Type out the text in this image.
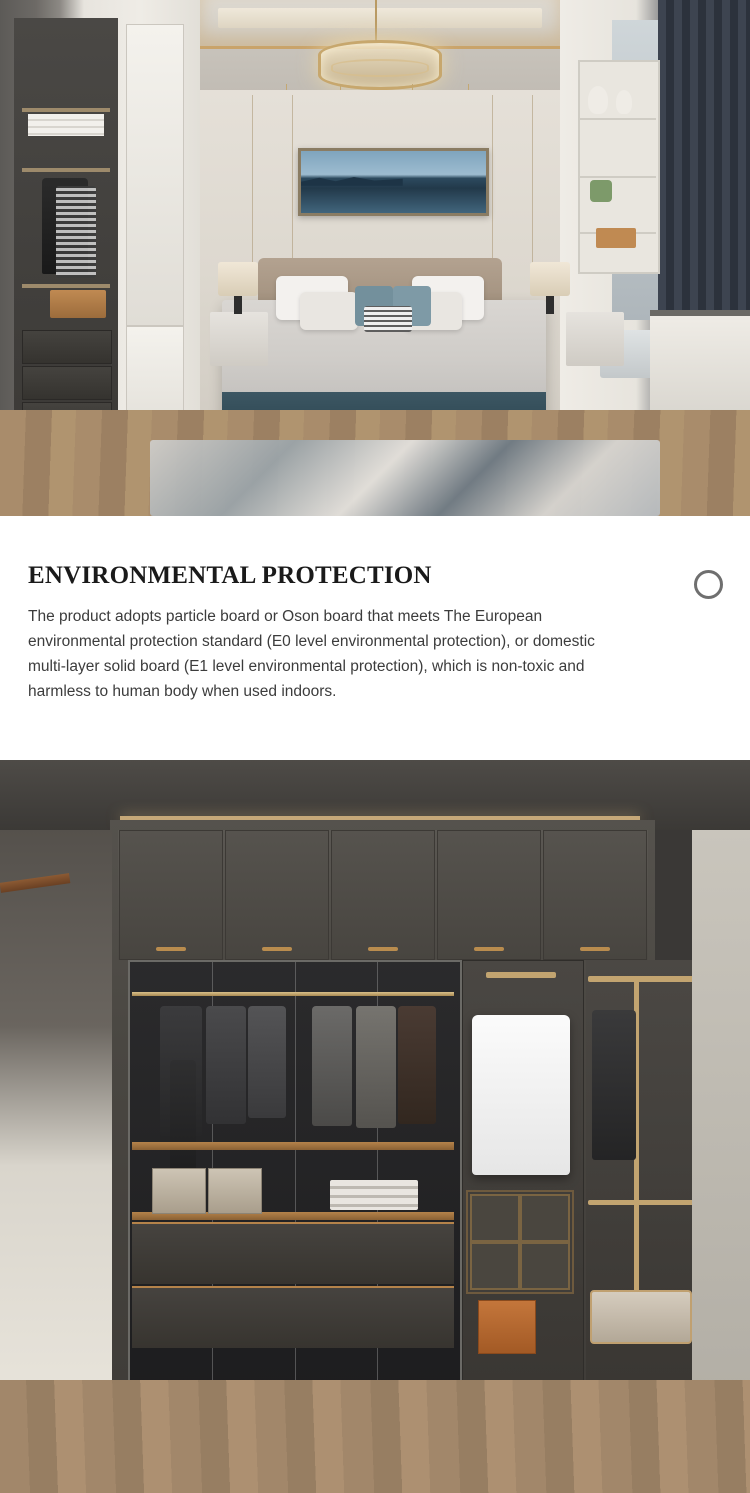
ENVIRONMENTAL PROTECTION

The product adopts particle board or Oson board that meets The European environmental protection standard (E0 level environmental protection), or domestic multi-layer solid board (E1 level environmental protection), which is non-toxic and harmless to human body when used indoors.
